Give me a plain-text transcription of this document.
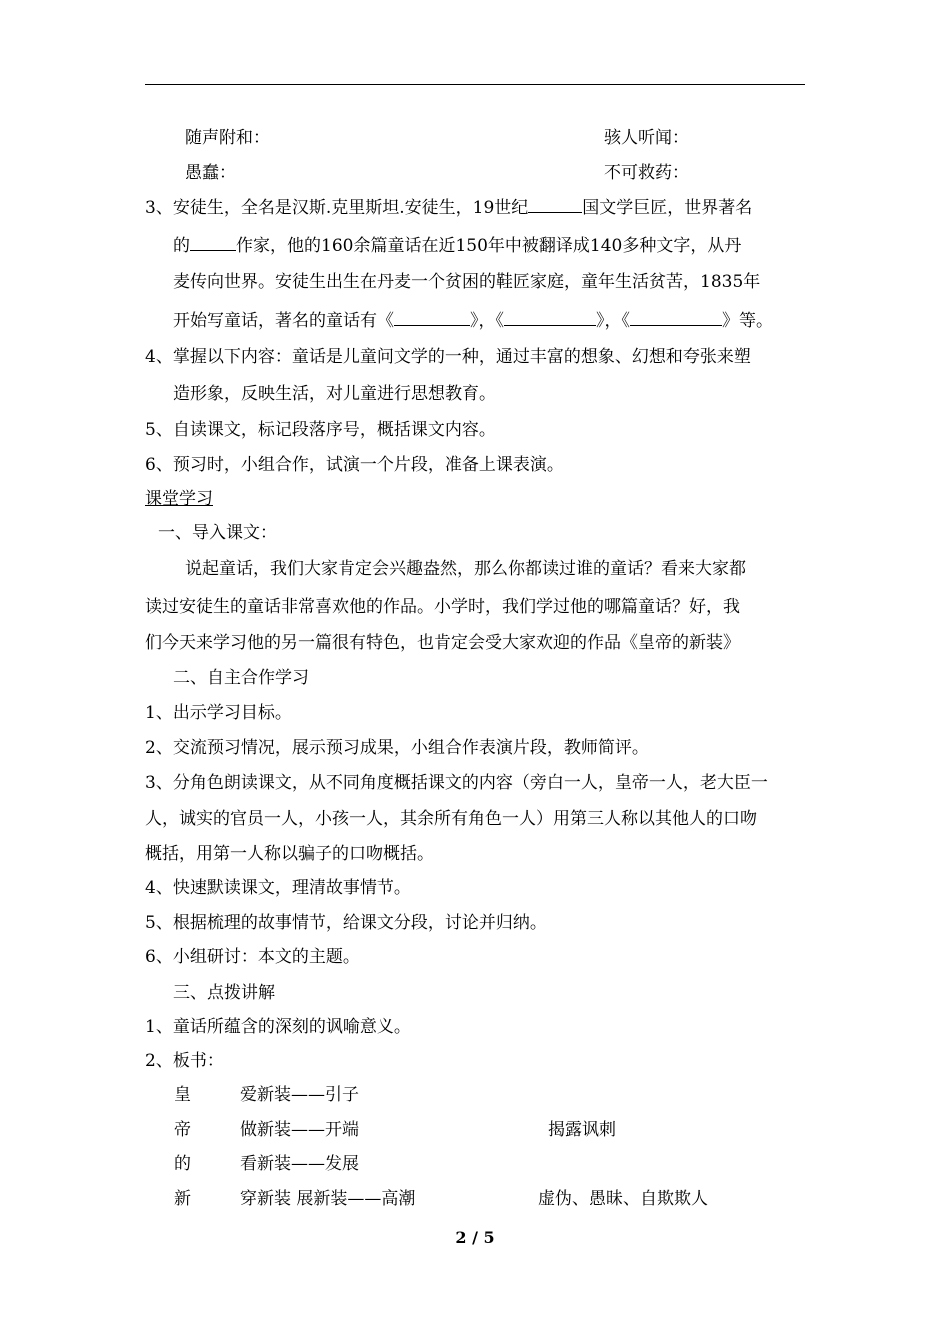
随声附和：	骇人听闻：
愚蠢：	不可救药：
3、安徒生，全名是汉斯.克里斯坦.安徒生，19世纪	国文学巨匠，世界著名
的	作家，他的160余篇童话在近150年中被翻译成140多种文字，从丹
麦传向世界。安徒生出生在丹麦一个贫困的鞋匠家庭，童年生活贫苦，1835年
开始写童话，著名的童话有《	》，《	》，《	》等。
4、掌握以下内容：童话是儿童问文学的一种，通过丰富的想象、幻想和夸张来塑
造形象，反映生活，对儿童进行思想教育。
5、自读课文，标记段落序号，概括课文内容。
6、预习时，小组合作，试演一个片段，准备上课表演。
课堂学习
一、导入课文：
说起童话，我们大家肯定会兴趣盎然，那么你都读过谁的童话？看来大家都
读过安徒生的童话非常喜欢他的作品。小学时，我们学过他的哪篇童话？好，我
们今天来学习他的另一篇很有特色，也肯定会受大家欢迎的作品《皇帝的新装》
二、自主合作学习
1、出示学习目标。
2、交流预习情况，展示预习成果，小组合作表演片段，教师简评。
3、分角色朗读课文，从不同角度概括课文的内容（旁白一人，皇帝一人，老大臣一
人，诚实的官员一人，小孩一人，其余所有角色一人）用第三人称以其他人的口吻
概括，用第一人称以骗子的口吻概括。
4、快速默读课文，理清故事情节。
5、根据梳理的故事情节，给课文分段，讨论并归纳。
6、小组研讨：本文的主题。
三、点拨讲解
1、童话所蕴含的深刻的讽喻意义。
2、板书：
皇	爱新装——引子
帝	做新装——开端	揭露讽刺
的	看新装——发展
新	穿新装 展新装——高潮	虚伪、愚昧、自欺欺人
2 / 5
